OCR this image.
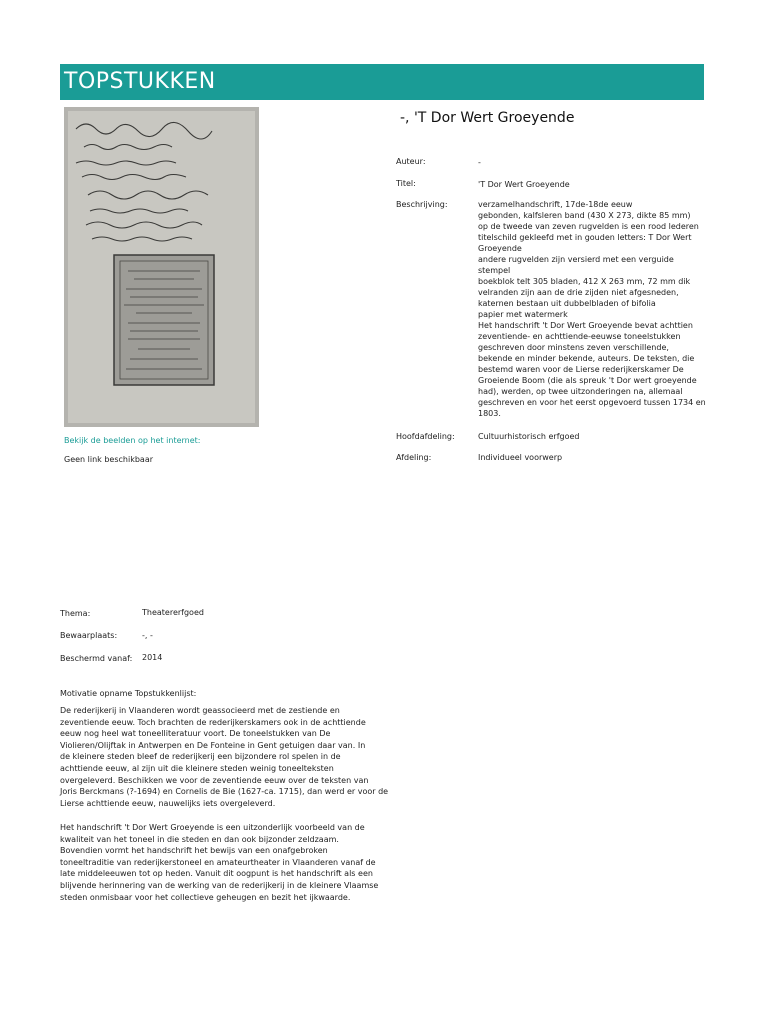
TOPSTUKKEN
Bekijk de beelden op het internet:
Geen link beschikbaar
-, 'T Dor Wert Groeyende
Auteur:	-
Titel:	'T Dor Wert Groeyende
Beschrijving:	verzamelhandschrift, 17de-18de eeuw
gebonden, kalfsleren band (430 X 273, dikte 85 mm)
op de tweede van zeven rugvelden is een rood lederen
titelschild gekleefd met in gouden letters: T Dor Wert
Groeyende
andere rugvelden zijn versierd met een verguide
stempel
boekblok telt 305 bladen, 412 X 263 mm, 72 mm dik
velranden zijn aan de drie zijden niet afgesneden,
katernen bestaan uit dubbelbladen of bifolia
papier met watermerk
Het handschrift 't Dor Wert Groeyende bevat achttien
zeventiende- en achttiende-eeuwse toneelstukken
geschreven door minstens zeven verschillende,
bekende en minder bekende, auteurs. De teksten, die
bestemd waren voor de Lierse rederijkerskamer De
Groeiende Boom (die als spreuk 't Dor wert groeyende
had), werden, op twee uitzonderingen na, allemaal
geschreven en voor het eerst opgevoerd tussen 1734 en
1803.
Hoofdafdeling:	Cultuurhistorisch erfgoed
Afdeling:	Individueel voorwerp
Thema:	Theatererfgoed
Bewaarplaats:	-, -
Beschermd vanaf: 2014
Motivatie opname Topstukkenlijst:
De rederijkerij in Vlaanderen wordt geassocieerd met de zestiende en
zeventiende eeuw. Toch brachten de rederijkerskamers ook in de achttiende
eeuw nog heel wat toneelliteratuur voort. De toneelstukken van De
Violieren/Olijftak in Antwerpen en De Fonteine in Gent getuigen daar van. In
de kleinere steden bleef de rederijkerij een bijzondere rol spelen in de
achttiende eeuw, al zijn uit die kleinere steden weinig toneelteksten
overgeleverd. Beschikken we voor de zeventiende eeuw over de teksten van
Joris Berckmans (?-1694) en Cornelis de Bie (1627-ca. 1715), dan werd er voor de
Lierse achttiende eeuw, nauwelijks iets overgeleverd.
Het handschrift 't Dor Wert Groeyende is een uitzonderlijk voorbeeld van de
kwaliteit van het toneel in die steden en dan ook bijzonder zeldzaam.
Bovendien vormt het handschrift het bewijs van een onafgebroken
toneeltraditie van rederijkerstoneel en amateurtheater in Vlaanderen vanaf de
late middeleeuwen tot op heden. Vanuit dit oogpunt is het handschrift als een
blijvende herinnering van de werking van de rederijkerij in de kleinere Vlaamse
steden onmisbaar voor het collectieve geheugen en bezit het ijkwaarde.
